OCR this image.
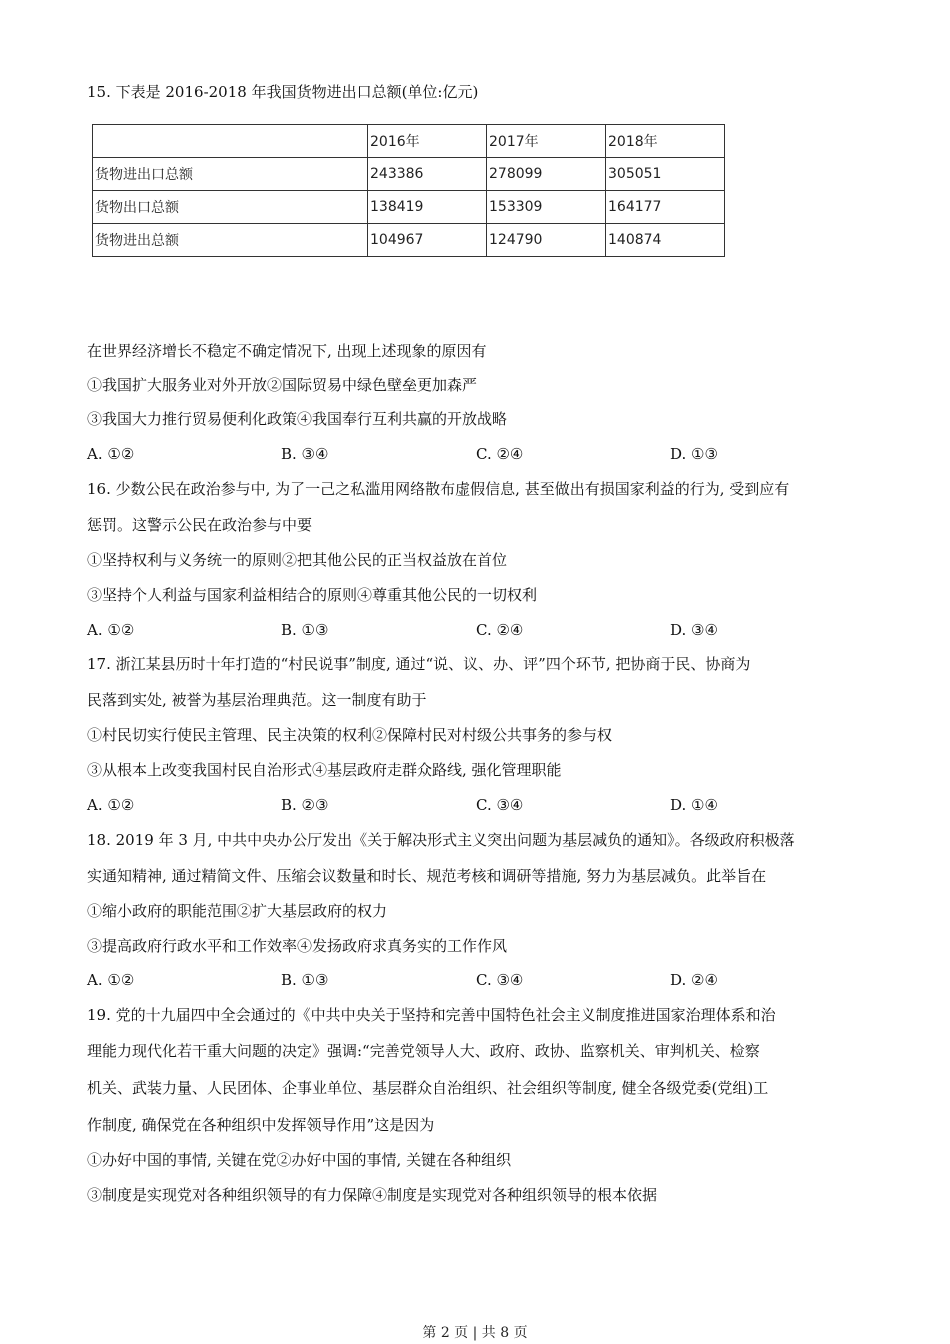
15. 下表是 2016-2018 年我国货物进出口总额(单位:亿元)
	2016年	2017年	2018年
货物进出口总额	243386	278099	305051
货物出口总额	138419	153309	164177
货物进出总额	104967	124790	140874
在世界经济增长不稳定不确定情况下, 出现上述现象的原因有
①我国扩大服务业对外开放②国际贸易中绿色壁垒更加森严
③我国大力推行贸易便利化政策④我国奉行互利共赢的开放战略
A. ①②	B. ③④	C. ②④	D. ①③
16. 少数公民在政治参与中, 为了一己之私滥用网络散布虚假信息, 甚至做出有损国家利益的行为, 受到应有
惩罚。这警示公民在政治参与中要
①坚持权利与义务统一的原则②把其他公民的正当权益放在首位
③坚持个人利益与国家利益相结合的原则④尊重其他公民的一切权利
A. ①②	B. ①③	C. ②④	D. ③④
17. 浙江某县历时十年打造的“村民说事”制度, 通过“说、议、办、评”四个环节, 把协商于民、协商为
民落到实处, 被誉为基层治理典范。这一制度有助于
①村民切实行使民主管理、民主决策的权利②保障村民对村级公共事务的参与权
③从根本上改变我国村民自治形式④基层政府走群众路线, 强化管理职能
A. ①②	B. ②③	C. ③④	D. ①④
18. 2019 年 3 月, 中共中央办公厅发出《关于解决形式主义突出问题为基层减负的通知》。各级政府积极落
实通知精神, 通过精简文件、压缩会议数量和时长、规范考核和调研等措施, 努力为基层减负。此举旨在
①缩小政府的职能范围②扩大基层政府的权力
③提高政府行政水平和工作效率④发扬政府求真务实的工作作风
A. ①②	B. ①③	C. ③④	D. ②④
19. 党的十九届四中全会通过的《中共中央关于坚持和完善中国特色社会主义制度推进国家治理体系和治
理能力现代化若干重大问题的决定》强调:“完善党领导人大、政府、政协、监察机关、审判机关、检察
机关、武装力量、人民团体、企事业单位、基层群众自治组织、社会组织等制度, 健全各级党委(党组)工
作制度, 确保党在各种组织中发挥领导作用”这是因为
①办好中国的事情, 关键在党②办好中国的事情, 关键在各种组织
③制度是实现党对各种组织领导的有力保障④制度是实现党对各种组织领导的根本依据
第 2 页 | 共 8 页
